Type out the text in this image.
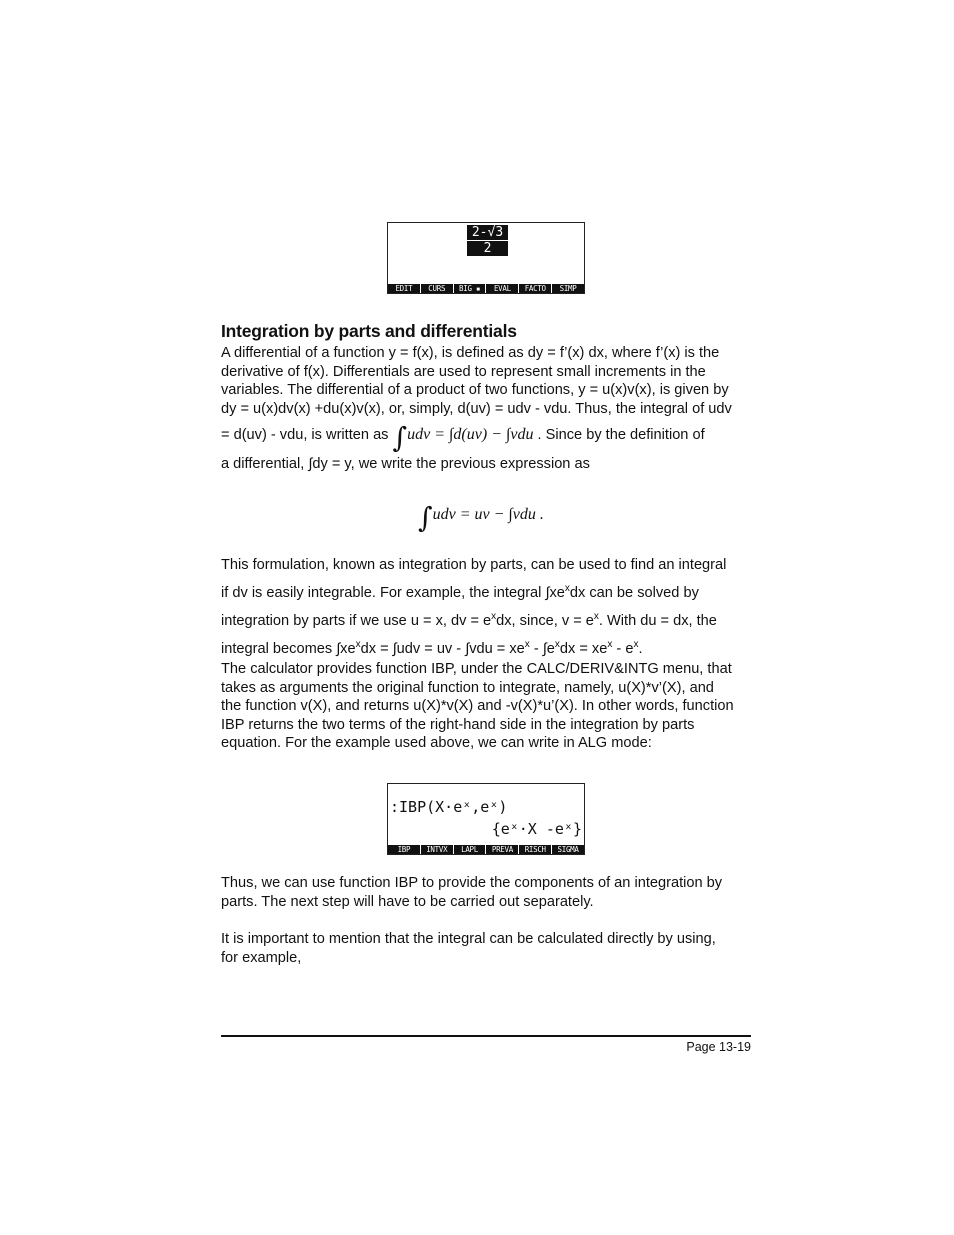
$\frac{2-√3}{2}$
EDIT	CURS	BIG ▪	EVAL	FACTO	SIMP
Integration by parts and differentials
A differential of a function y = f(x), is defined as dy = f’(x) dx, where f’(x) is the
derivative of f(x). Differentials are used to represent small increments in the
variables. The differential of a product of two functions, y = u(x)v(x), is given by
dy = u(x)dv(x) +du(x)v(x), or, simply, d(uv) = udv - vdu. Thus, the integral of udv
= d(uv) - vdu, is written as ∫udv = ∫d(uv) − ∫vdu . Since by the definition of
a differential, ∫dy = y, we write the previous expression as
∫udv = uv − ∫vdu .
This formulation, known as integration by parts, can be used to find an integral
if dv is easily integrable. For example, the integral $\int xe^xdx$ can be solved by
integration by parts if we use u = x, dv = $e^xdx$, since, $v = e^x$. With du = dx, the
integral becomes $\int xe^xdx = \int udv$ = uv - $\int vdu = xe^x - \int e^xdx = xe^x - e^x$.
The calculator provides function IBP, under the CALC/DERIV&INTG menu, that
takes as arguments the original function to integrate, namely, u(X)*v’(X), and
the function v(X), and returns u(X)*v(X) and -v(X)*u’(X). In other words, function
IBP returns the two terms of the right-hand side in the integration by parts
equation. For the example used above, we can write in ALG mode:
:IBP(X·eˣ,eˣ)
{eˣ·X -eˣ}
IBP	INTVX	LAPL	PREVA	RISCH	SIGMA
Thus, we can use function IBP to provide the components of an integration by
parts. The next step will have to be carried out separately.
It is important to mention that the integral can be calculated directly by using,
for example,
Page 13-19
